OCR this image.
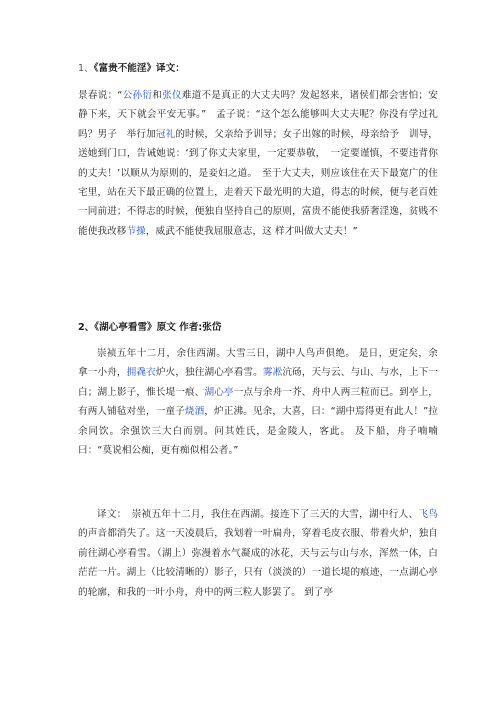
1、《富贵不能淫》译文：

景春说：“公孙衍和张仪难道不是真正的大丈夫吗？发起怒来，诸侯们都会害怕；安静下来，天下就会平安无事。”　孟子说：“这个怎么能够叫大丈夫呢？你没有学过礼吗？男子　举行加冠礼的时候，父亲给予训导；女子出嫁的时候，母亲给予　训导，送她到门口，告诫她说：‘到了你丈夫家里，一定要恭敬，　一定要谨慎，不要违背你的丈夫！’以顺从为原则的，是妾妇之道。　至于大丈夫，则应该住在天下最宽广的住宅里，站在天下最正确的位置上，走着天下最光明的大道，得志的时候，便与老百姓一同前进；不得志的时候，便独自坚持自己的原则，富贵不能使我骄奢淫逸，贫贱不能使我改移节操，威武不能使我屈服意志，这 样才叫做大丈夫！”

2、《湖心亭看雪》原文 作者:张岱

崇祯五年十二月，余住西湖。大雪三日，湖中人鸟声俱绝。 是日，更定矣，余拿一小舟，拥毳衣炉火，独往湖心亭看雪。雾凇沆砀，天与云、与山、与水，上下一白；湖上影子，惟长堤一痕、湖心亭一点与余舟一芥、舟中人两三粒而已。到亭上，有两人铺毡对坐，一童子烧酒，炉正沸。见余，大喜，曰：“湖中焉得更有此人！”拉余同饮。余强饮三大白而别。问其姓氏，是金陵人，客此。 及下船，舟子喃喃曰：“莫说相公痴，更有痴似相公者。”

译文：　崇祯五年十二月，我住在西湖。接连下了三天的大雪，湖中行人、飞鸟的声音都消失了。这一天凌晨后，我划着一叶扁舟，穿着毛皮衣服、带着火炉，独自前往湖心亭看雪。（湖上）弥漫着水气凝成的冰花，天与云与山与水，浑然一体，白茫茫一片。湖上（比较清晰的）影子，只有（淡淡的）一道长堤的痕迹，一点湖心亭的轮廓，和我的一叶小舟，舟中的两三粒人影罢了。 到了亭
